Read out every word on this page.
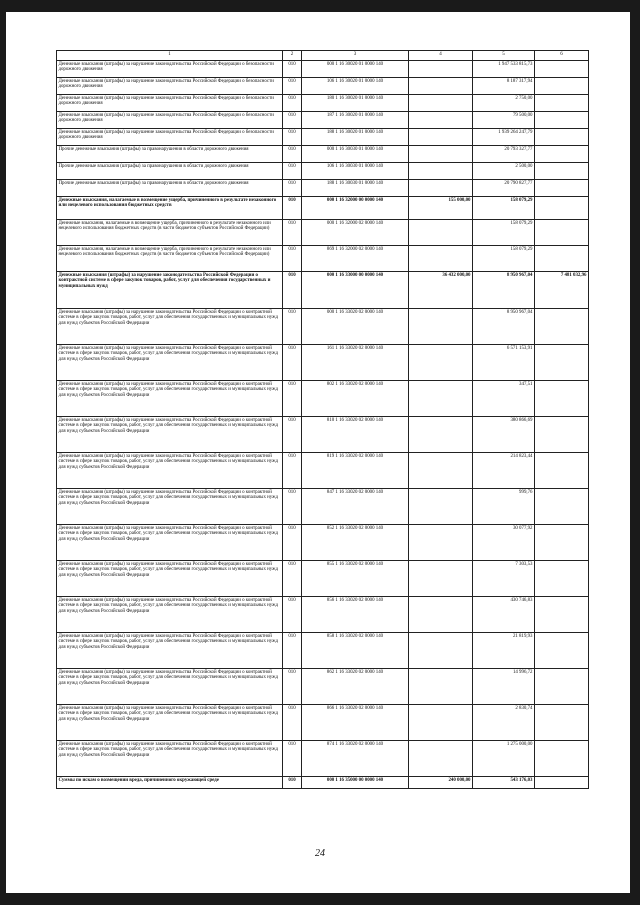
1	2	3	4	5	6
Денежные взыскания (штрафы) за нарушение законодательства Российской Федерации о безопасности дорожного движения	010	000 1 16 30020 01 0000 140		1 947 533 815,73	
Денежные взыскания (штрафы) за нарушение законодательства Российской Федерации о безопасности дорожного движения	010	106 1 16 30020 01 0000 140		8 187 317,94	
Денежные взыскания (штрафы) за нарушение законодательства Российской Федерации о безопасности дорожного движения	010	180 1 16 30020 01 0000 140		2 750,00	
Денежные взыскания (штрафы) за нарушение законодательства Российской Федерации о безопасности дорожного движения	010	187 1 16 30020 01 0000 140		79 500,00	
Денежные взыскания (штрафы) за нарушение законодательства Российской Федерации о безопасности дорожного движения	010	188 1 16 30020 01 0000 140		1 939 264 247,79	
Прочие денежные взыскания (штрафы) за правонарушения в области дорожного движения	010	000 1 16 30030 01 0000 140		20 793 327,77	
Прочие денежные взыскания (штрафы) за правонарушения в области дорожного движения	010	106 1 16 30030 01 0000 140		2 500,00	
Прочие денежные взыскания (штрафы) за правонарушения в области дорожного движения	010	188 1 16 30030 01 0000 140		20 790 827,77	
Денежные взыскания, налагаемые в возмещение ущерба, причиненного в результате незаконного или нецелевого использования бюджетных средств	010	000 1 16 32000 00 0000 140	155 000,00	158 079,29	
Денежные взыскания, налагаемые в возмещение ущерба, причиненного в результате незаконного или нецелевого использования бюджетных средств (в части бюджетов субъектов Российской Федерации)	010	000 1 16 32000 02 0000 140		158 079,29	
Денежные взыскания, налагаемые в возмещение ущерба, причиненного в результате незаконного или нецелевого использования бюджетных средств (в части бюджетов субъектов Российской Федерации)	010	869 1 16 32000 02 0000 140		158 079,29	
Денежные взыскания (штрафы) за нарушение законодательства Российской Федерации о контрактной системе в сфере закупок товаров, работ, услуг для обеспечения государственных и муниципальных нужд	010	000 1 16 33000 00 0000 140	36 432 000,00	8 950 967,04	7 481 032,96
Денежные взыскания (штрафы) за нарушение законодательства Российской Федерации о контрактной системе в сфере закупок товаров, работ, услуг для обеспечения государственных и муниципальных нужд для нужд субъектов Российской Федерации	010	000 1 16 33020 02 0000 140		8 950 967,04	
Денежные взыскания (штрафы) за нарушение законодательства Российской Федерации о контрактной системе в сфере закупок товаров, работ, услуг для обеспечения государственных и муниципальных нужд для нужд субъектов Российской Федерации	010	161 1 16 33020 02 0000 140		6 571 153,91	
Денежные взыскания (штрафы) за нарушение законодательства Российской Федерации о контрактной системе в сфере закупок товаров, работ, услуг для обеспечения государственных и муниципальных нужд для нужд субъектов Российской Федерации	010	802 1 16 33020 02 0000 140		347,51	
Денежные взыскания (штрафы) за нарушение законодательства Российской Федерации о контрактной системе в сфере закупок товаров, работ, услуг для обеспечения государственных и муниципальных нужд для нужд субъектов Российской Федерации	010	810 1 16 33020 02 0000 140		380 866,69	
Денежные взыскания (штрафы) за нарушение законодательства Российской Федерации о контрактной системе в сфере закупок товаров, работ, услуг для обеспечения государственных и муниципальных нужд для нужд субъектов Российской Федерации	010	819 1 16 33020 02 0000 140		214 823,44	
Денежные взыскания (штрафы) за нарушение законодательства Российской Федерации о контрактной системе в сфере закупок товаров, работ, услуг для обеспечения государственных и муниципальных нужд для нужд субъектов Российской Федерации	010	847 1 16 33020 02 0000 140		999,76	
Денежные взыскания (штрафы) за нарушение законодательства Российской Федерации о контрактной системе в сфере закупок товаров, работ, услуг для обеспечения государственных и муниципальных нужд для нужд субъектов Российской Федерации	010	852 1 16 33020 02 0000 140		30 077,92	
Денежные взыскания (штрафы) за нарушение законодательства Российской Федерации о контрактной системе в сфере закупок товаров, работ, услуг для обеспечения государственных и муниципальных нужд для нужд субъектов Российской Федерации	010	855 1 16 33020 02 0000 140		7 303,53	
Денежные взыскания (штрафы) за нарушение законодательства Российской Федерации о контрактной системе в сфере закупок товаров, работ, услуг для обеспечения государственных и муниципальных нужд для нужд субъектов Российской Федерации	010	856 1 16 33020 02 0000 140		430 746,83	
Денежные взыскания (штрафы) за нарушение законодательства Российской Федерации о контрактной системе в сфере закупок товаров, работ, услуг для обеспечения государственных и муниципальных нужд для нужд субъектов Российской Федерации	010	858 1 16 33020 02 0000 140		21 819,93	
Денежные взыскания (штрафы) за нарушение законодательства Российской Федерации о контрактной системе в сфере закупок товаров, работ, услуг для обеспечения государственных и муниципальных нужд для нужд субъектов Российской Федерации	010	862 1 16 33020 02 0000 140		14 996,72	
Денежные взыскания (штрафы) за нарушение законодательства Российской Федерации о контрактной системе в сфере закупок товаров, работ, услуг для обеспечения государственных и муниципальных нужд для нужд субъектов Российской Федерации	010	866 1 16 33020 02 0000 140		2 830,74	
Денежные взыскания (штрафы) за нарушение законодательства Российской Федерации о контрактной системе в сфере закупок товаров, работ, услуг для обеспечения государственных и муниципальных нужд для нужд субъектов Российской Федерации	010	874 1 16 33020 02 0000 140		1 275 000,00	
Суммы по искам о возмещении вреда, причиненного окружающей среде	010	000 1 16 35000 00 0000 140	240 000,00	543 176,03	
24
